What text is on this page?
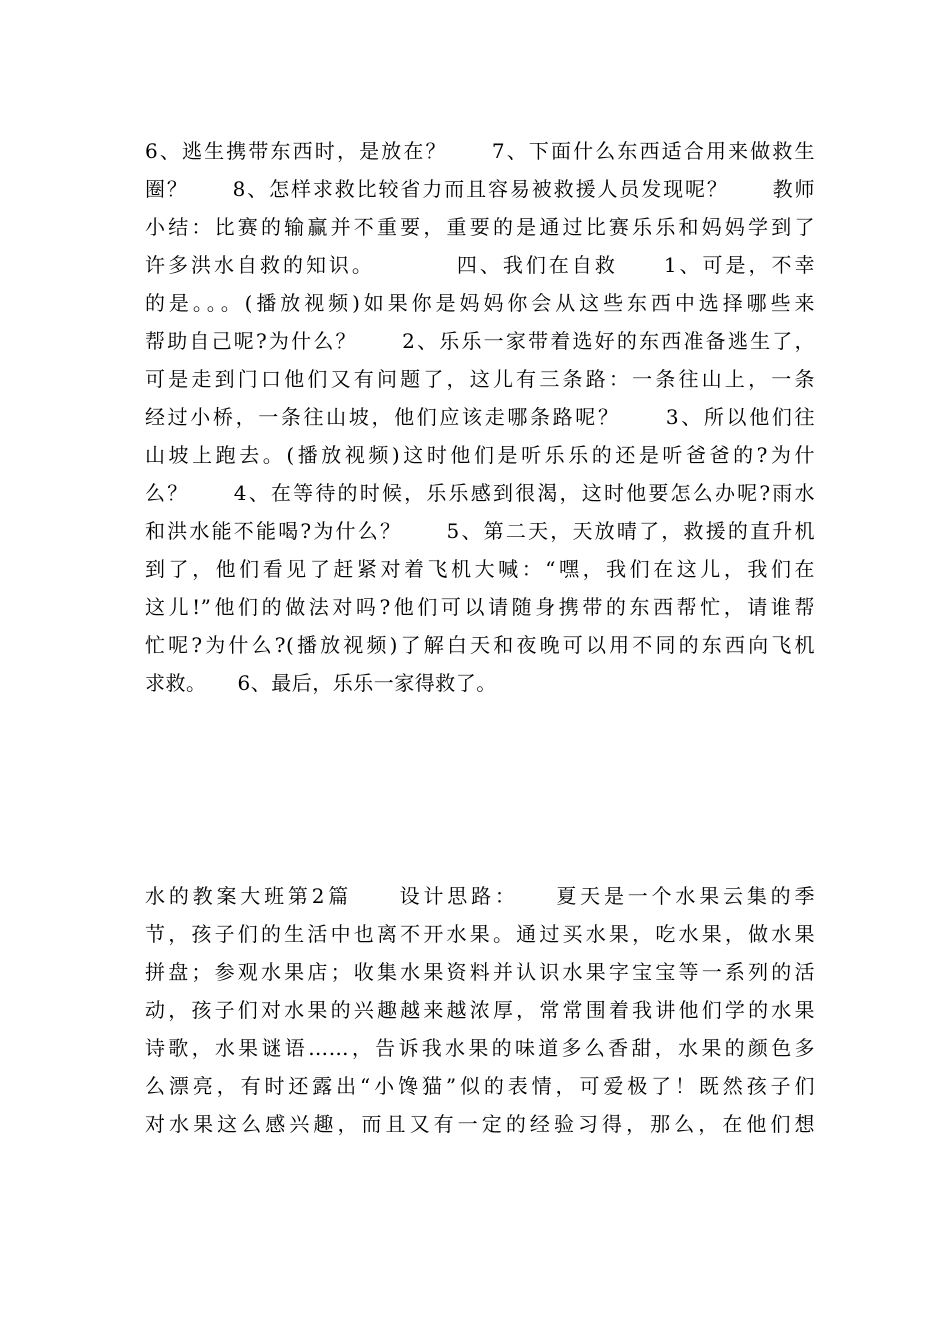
6、逃生携带东西时，是放在？　　7、下面什么东西适合用来做救生
圈？　　8、怎样求救比较省力而且容易被救援人员发现呢？　　教师
小结：比赛的输赢并不重要，重要的是通过比赛乐乐和妈妈学到了
许多洪水自救的知识。　　　　四、我们在自救　　1、可是，不幸
的是。。。(播放视频)如果你是妈妈你会从这些东西中选择哪些来
帮助自己呢?为什么？　　2、乐乐一家带着选好的东西准备逃生了，
可是走到门口他们又有问题了，这儿有三条路：一条往山上，一条
经过小桥，一条往山坡，他们应该走哪条路呢？　　3、所以他们往
山坡上跑去。(播放视频)这时他们是听乐乐的还是听爸爸的?为什
么？　　4、在等待的时候，乐乐感到很渴，这时他要怎么办呢?雨水
和洪水能不能喝?为什么？　　5、第二天，天放晴了，救援的直升机
到了，他们看见了赶紧对着飞机大喊：“嘿，我们在这儿，我们在
这儿!”他们的做法对吗?他们可以请随身携带的东西帮忙，请谁帮
忙呢?为什么?(播放视频)了解白天和夜晚可以用不同的东西向飞机
求救。　　6、最后，乐乐一家得救了。
水的教案大班第2篇　　设计思路：　　夏天是一个水果云集的季
节，孩子们的生活中也离不开水果。通过买水果，吃水果，做水果
拼盘；参观水果店；收集水果资料并认识水果字宝宝等一系列的活
动，孩子们对水果的兴趣越来越浓厚，常常围着我讲他们学的水果
诗歌，水果谜语……，告诉我水果的味道多么香甜，水果的颜色多
么漂亮，有时还露出“小馋猫”似的表情，可爱极了！既然孩子们
对水果这么感兴趣，而且又有一定的经验习得，那么，在他们想
